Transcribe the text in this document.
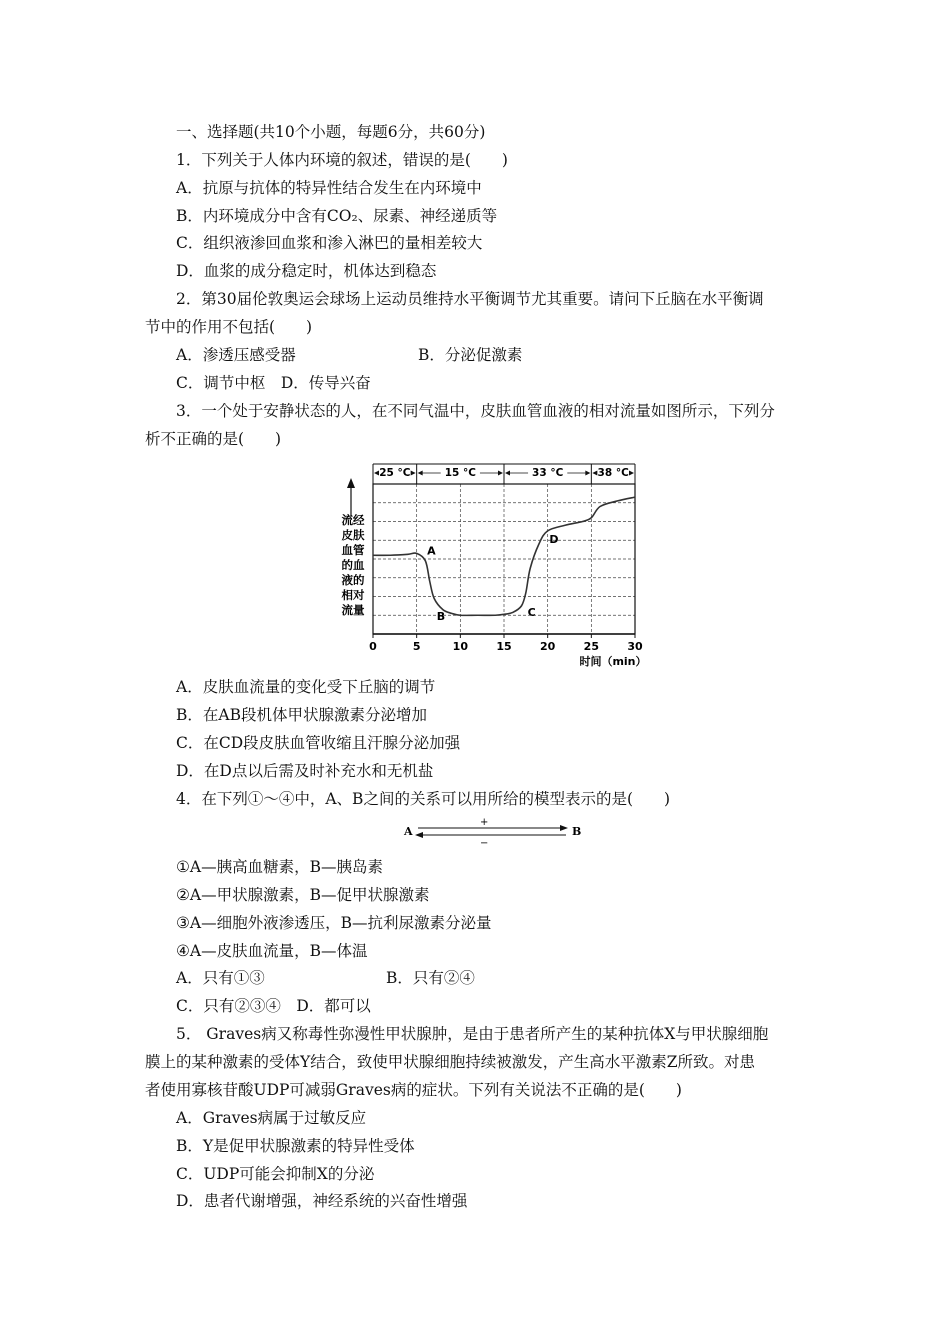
一、选择题(共10个小题，每题6分，共60分)
1．下列关于人体内环境的叙述，错误的是(　　)
A．抗原与抗体的特异性结合发生在内环境中
B．内环境成分中含有CO₂、尿素、神经递质等
C．组织液渗回血浆和渗入淋巴的量相差较大
D．血浆的成分稳定时，机体达到稳态
2．第30届伦敦奥运会球场上运动员维持水平衡调节尤其重要。请问下丘脑在水平衡调
节中的作用不包括(　　)
A．渗透压感受器	B．分泌促激素
C．调节中枢　D．传导兴奋
3．一个处于安静状态的人，在不同气温中，皮肤血管血液的相对流量如图所示，下列分
析不正确的是(　　)
25 °C	15 °C	33 °C	38 °C
流经
皮肤
血管
的血
液的
相对
流量
0	5	10	15	20	25	30
A
B	C
D
时间（min）
A．皮肤血流量的变化受下丘脑的调节
B．在AB段机体甲状腺激素分泌增加
C．在CD段皮肤血管收缩且汗腺分泌加强
D．在D点以后需及时补充水和无机盐
4．在下列①～④中，A、B之间的关系可以用所给的模型表示的是(　　)
A	B
+
−
①A—胰高血糖素，B—胰岛素
②A—甲状腺激素，B—促甲状腺激素
③A—细胞外液渗透压，B—抗利尿激素分泌量
④A—皮肤血流量，B—体温
A．只有①③	B．只有②④
C．只有②③④　D．都可以
5． Graves病又称毒性弥漫性甲状腺肿，是由于患者所产生的某种抗体X与甲状腺细胞
膜上的某种激素的受体Y结合，致使甲状腺细胞持续被激发，产生高水平激素Z所致。对患
者使用寡核苷酸UDP可减弱Graves病的症状。下列有关说法不正确的是(　　)
A．Graves病属于过敏反应
B．Y是促甲状腺激素的特异性受体
C．UDP可能会抑制X的分泌
D．患者代谢增强，神经系统的兴奋性增强
